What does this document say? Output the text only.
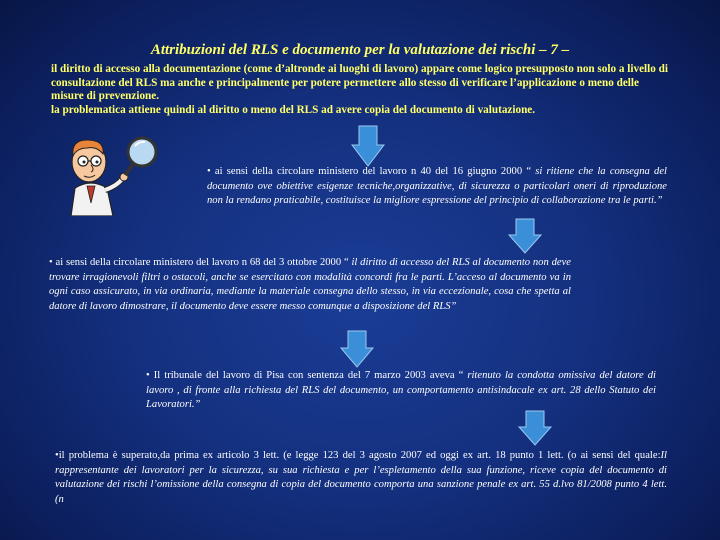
Attribuzioni del RLS e documento per la valutazione dei rischi – 7 –

il diritto di accesso alla documentazione (come d’altronde ai luoghi di lavoro) appare come logico presupposto non solo a livello di consultazione del RLS ma anche e principalmente per potere permettere allo stesso di verificare l’applicazione o meno delle misure di prevenzione.

la problematica attiene quindi al diritto o meno del RLS ad avere copia del documento di valutazione.

• ai sensi della circolare ministero del lavoro n 40 del 16 giugno 2000 “ si ritiene che la consegna del documento ove obiettive esigenze tecniche,organizzative, di sicurezza o particolari oneri di riproduzione non la rendano praticabile, costituisce la migliore espressione del principio di collaborazione tra le parti.”
• ai sensi della circolare ministero del lavoro n 68 del 3 ottobre 2000 “ il diritto di accesso del RLS al documento non deve trovare irragionevoli filtri o ostacoli, anche se esercitato con modalità concordi fra le parti. L’acceso al documento va in ogni caso assicurato, in via ordinaria, mediante la materiale consegna dello stesso, in via eccezionale, cosa che spetta al datore di lavoro dimostrare, il documento deve essere messo comunque a disposizione del RLS”
• Il tribunale del lavoro di Pisa con sentenza del 7 marzo 2003 aveva “ ritenuto la condotta omissiva del datore di lavoro , di fronte alla richiesta del RLS del documento, un comportamento antisindacale ex art. 28 dello Statuto dei Lavoratori.”
•il problema è superato,da prima ex articolo 3 lett. (e legge 123 del 3 agosto 2007 ed oggi ex art. 18 punto 1 lett. (o ai sensi del quale:Il rappresentante dei lavoratori per la sicurezza, su sua richiesta e per l’espletamento della sua funzione, riceve copia del documento di valutazione dei rischi l’omissione della consegna di copia del documento comporta una sanzione penale ex art. 55 d.lvo 81/2008 punto 4 lett. (n
